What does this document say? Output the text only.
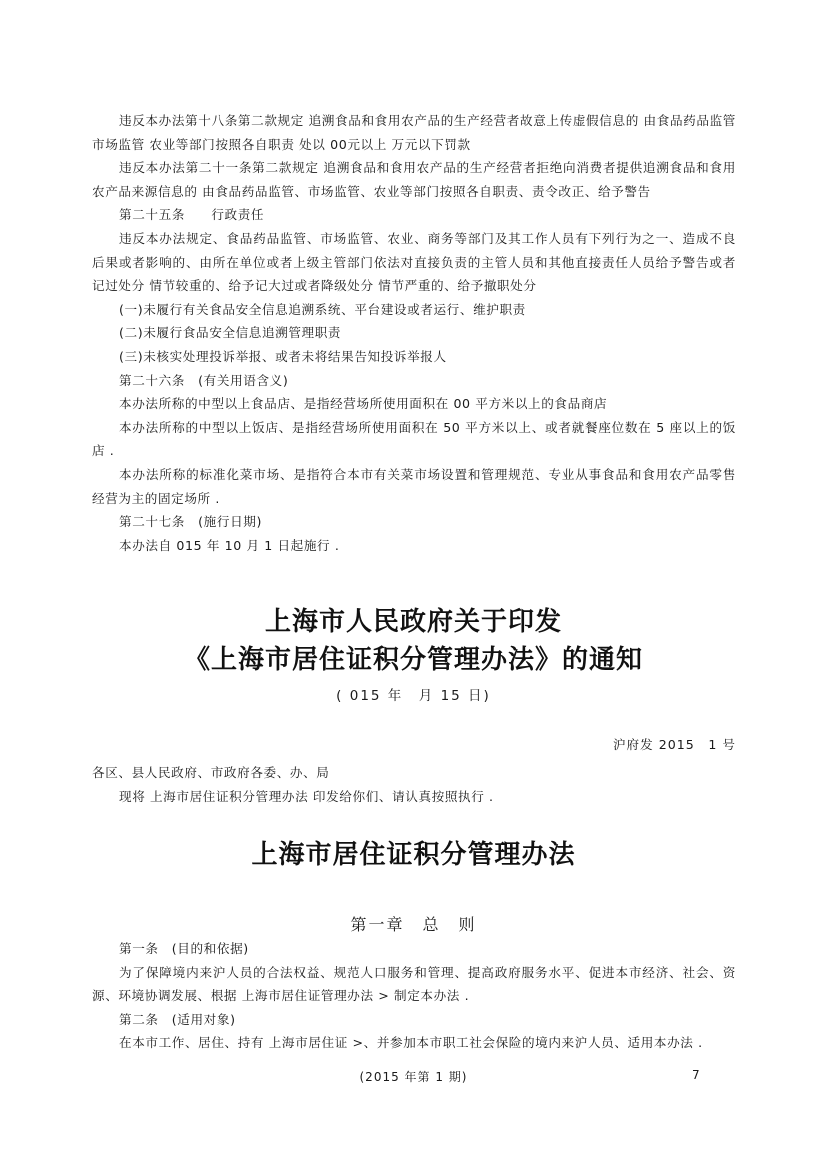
违反本办法第十八条第二款规定 追溯食品和食用农产品的生产经营者故意上传虚假信息的 由食品药品监管 市场监管 农业等部门按照各自职责 处以 00元以上 万元以下罚款

违反本办法第二十一条第二款规定 追溯食品和食用农产品的生产经营者拒绝向消费者提供追溯食品和食用农产品来源信息的 由食品药品监管、市场监管、农业等部门按照各自职责、责令改正、给予警告

第二十五条　　行政责任

违反本办法规定、食品药品监管、市场监管、农业、商务等部门及其工作人员有下列行为之一、造成不良后果或者影响的、由所在单位或者上级主管部门依法对直接负责的主管人员和其他直接责任人员给予警告或者记过处分 情节较重的、给予记大过或者降级处分 情节严重的、给予撤职处分

(一)未履行有关食品安全信息追溯系统、平台建设或者运行、维护职责

(二)未履行食品安全信息追溯管理职责

(三)未核实处理投诉举报、或者未将结果告知投诉举报人

第二十六条　(有关用语含义)

本办法所称的中型以上食品店、是指经营场所使用面积在 00 平方米以上的食品商店

本办法所称的中型以上饭店、是指经营场所使用面积在 50 平方米以上、或者就餐座位数在 5 座以上的饭店 .

本办法所称的标准化菜市场、是指符合本市有关菜市场设置和管理规范、专业从事食品和食用农产品零售经营为主的固定场所 .

第二十七条　(施行日期)

本办法自 015 年 10 月 1 日起施行 .

上海市人民政府关于印发
《上海市居住证积分管理办法》的通知
( 015 年　月 15 日)
沪府发 2015　1 号

各区、县人民政府、市政府各委、办、局

现将 上海市居住证积分管理办法 印发给你们、请认真按照执行 .

上海市居住证积分管理办法
第一章　总　则

第一条　(目的和依据)

为了保障境内来沪人员的合法权益、规范人口服务和管理、提高政府服务水平、促进本市经济、社会、资源、环境协调发展、根据 上海市居住证管理办法 > 制定本办法 .

第二条　(适用对象)

在本市工作、居住、持有 上海市居住证 >、并参加本市职工社会保险的境内来沪人员、适用本办法 .

(2015 年第 1 期)	7
